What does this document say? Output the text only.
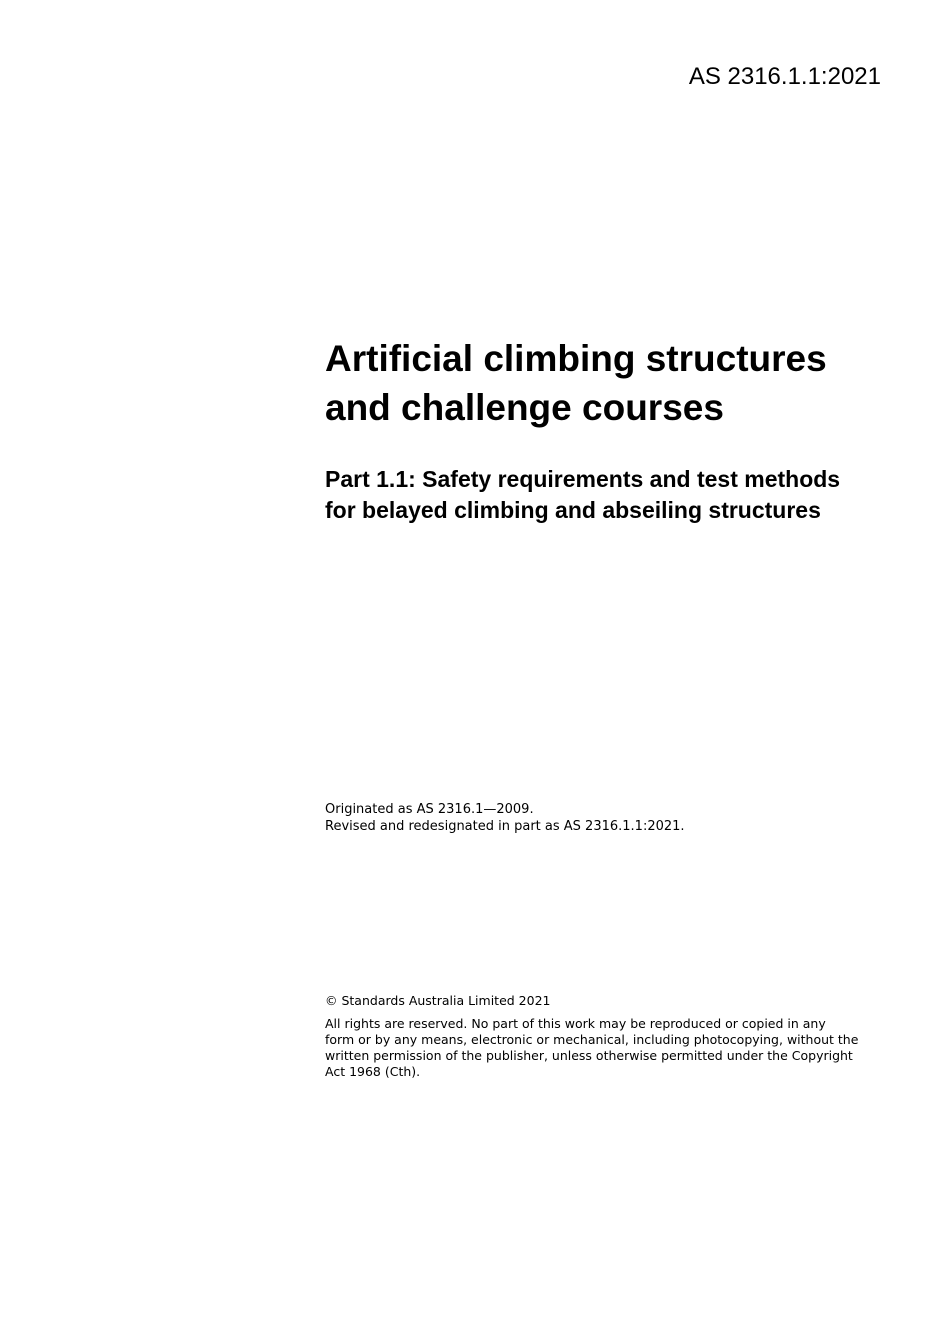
AS 2316.1.1:2021
Artificial climbing structures
and challenge courses
Part 1.1: Safety requirements and test methods
for belayed climbing and abseiling structures
Originated as AS 2316.1—2009.
Revised and redesignated in part as AS 2316.1.1:2021.

© Standards Australia Limited 2021

All rights are reserved. No part of this work may be reproduced or copied in any
form or by any means, electronic or mechanical, including photocopying, without the
written permission of the publisher, unless otherwise permitted under the Copyright
Act 1968 (Cth).
